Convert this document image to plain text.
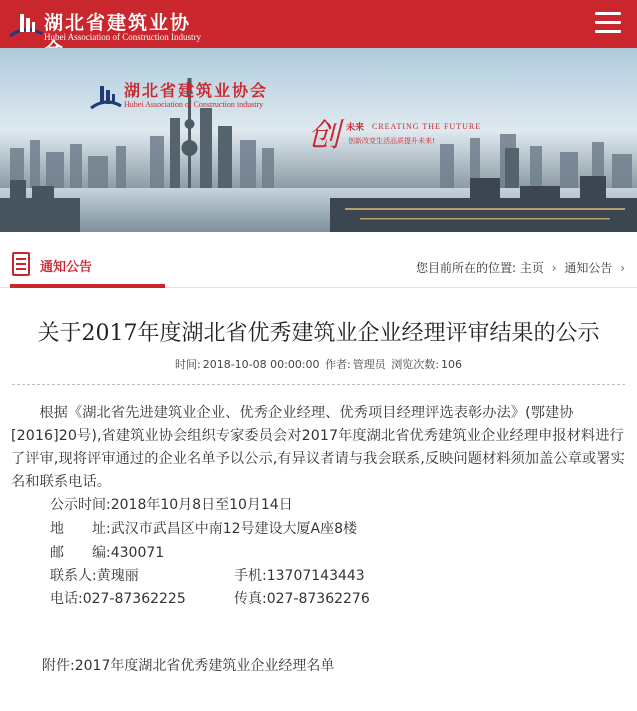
湖北省建筑业协
Hubei Association of Construction Industry
湖北省建筑业协会
Hubei Association of Construction industry
创 未来 CREATING THE FUTURE
创新改变生活品质提升未来!
通知公告	您目前所在的位置: 主页 › 通知公告 ›
关于2017年度湖北省优秀建筑业企业经理评审结果的公示
时间: 2018-10-08 00:00:00 作者: 管理员 浏览次数: 106

根据《湖北省先进建筑业企业、优秀企业经理、优秀项目经理评选表彰办法》(鄂建协[2016]20号),省建筑业协会组织专家委员会对2017年度湖北省优秀建筑业企业经理申报材料进行了评审,现将评审通过的企业名单予以公示,有异议者请与我会联系,反映问题材料须加盖公章或署实名和联系电话。

公示时间:2018年10月8日至10月14日
地　　址:武汉市武昌区中南12号建设大厦A座8楼
邮　　编:430071
联系人:黄瑰丽	手机:13707143443
电话:027-87362225	传真:027-87362276
附件:2017年度湖北省优秀建筑业企业经理名单
